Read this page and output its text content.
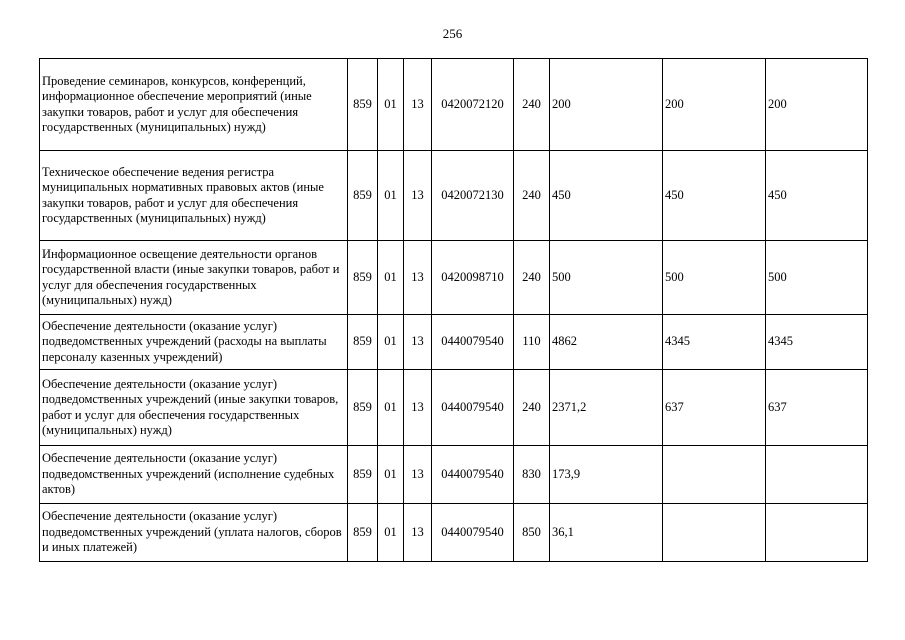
256
Проведение семинаров, конкурсов, конференций, информационное обеспечение мероприятий (иные закупки товаров, работ и услуг для обеспечения государственных (муниципальных) нужд)	859	01	13	0420072120	240	200	200	200
Техническое обеспечение ведения регистра муниципальных нормативных правовых актов (иные закупки товаров, работ и услуг для обеспечения государственных (муниципальных) нужд)	859	01	13	0420072130	240	450	450	450
Информационное освещение деятельности органов государственной власти (иные закупки товаров, работ и услуг для обеспечения государственных (муниципальных) нужд)	859	01	13	0420098710	240	500	500	500
Обеспечение деятельности (оказание услуг) подведомственных учреждений (расходы на выплаты персоналу казенных учреждений)	859	01	13	0440079540	110	4862	4345	4345
Обеспечение деятельности (оказание услуг) подведомственных учреждений (иные закупки товаров, работ и услуг для обеспечения государственных (муниципальных) нужд)	859	01	13	0440079540	240	2371,2	637	637
Обеспечение деятельности (оказание услуг) подведомственных учреждений (исполнение судебных актов)	859	01	13	0440079540	830	173,9		
Обеспечение деятельности (оказание услуг) подведомственных учреждений (уплата налогов, сборов и иных платежей)	859	01	13	0440079540	850	36,1		
